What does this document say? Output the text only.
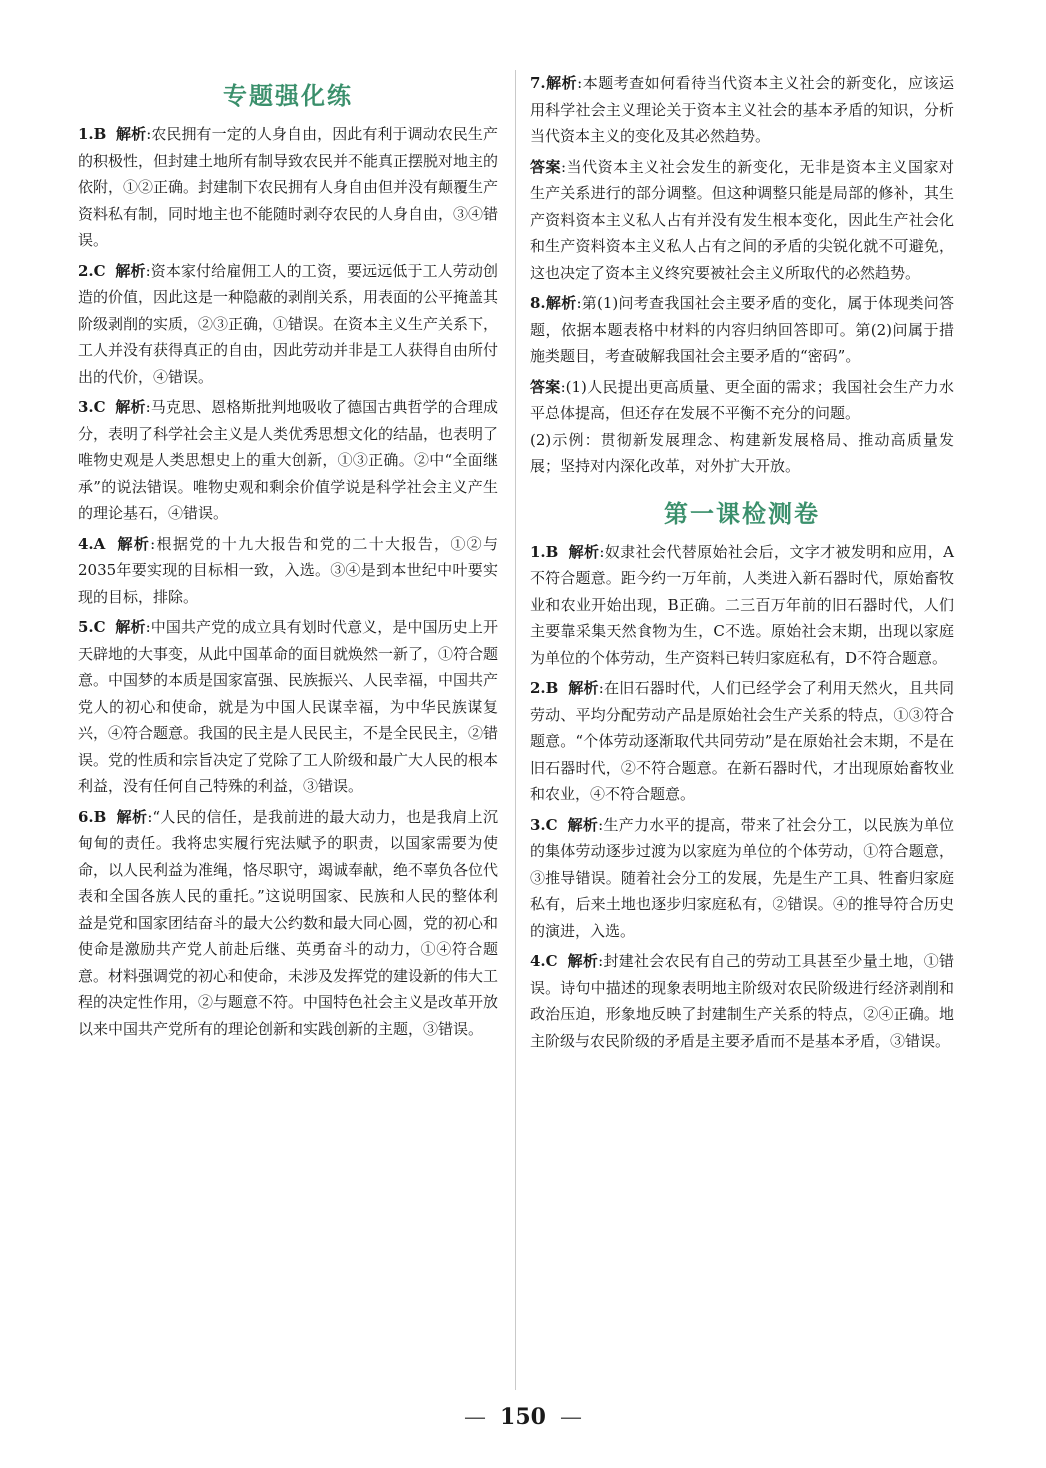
专题强化练
1.B 解析:农民拥有一定的人身自由，因此有利于调动农民生产的积极性，但封建土地所有制导致农民并不能真正摆脱对地主的依附，①②正确。封建制下农民拥有人身自由但并没有颠覆生产资料私有制，同时地主也不能随时剥夺农民的人身自由，③④错误。
2.C 解析:资本家付给雇佣工人的工资，要远远低于工人劳动创造的价值，因此这是一种隐蔽的剥削关系，用表面的公平掩盖其阶级剥削的实质，②③正确，①错误。在资本主义生产关系下，工人并没有获得真正的自由，因此劳动并非是工人获得自由所付出的代价，④错误。
3.C 解析:马克思、恩格斯批判地吸收了德国古典哲学的合理成分，表明了科学社会主义是人类优秀思想文化的结晶，也表明了唯物史观是人类思想史上的重大创新，①③正确。②中“全面继承”的说法错误。唯物史观和剩余价值学说是科学社会主义产生的理论基石，④错误。
4.A 解析:根据党的十九大报告和党的二十大报告，①②与2035年要实现的目标相一致，入选。③④是到本世纪中叶要实现的目标，排除。
5.C 解析:中国共产党的成立具有划时代意义，是中国历史上开天辟地的大事变，从此中国革命的面目就焕然一新了，①符合题意。中国梦的本质是国家富强、民族振兴、人民幸福，中国共产党人的初心和使命，就是为中国人民谋幸福，为中华民族谋复兴，④符合题意。我国的民主是人民民主，不是全民民主，②错误。党的性质和宗旨决定了党除了工人阶级和最广大人民的根本利益，没有任何自己特殊的利益，③错误。
6.B 解析:“人民的信任，是我前进的最大动力，也是我肩上沉甸甸的责任。我将忠实履行宪法赋予的职责，以国家需要为使命，以人民利益为准绳，恪尽职守，竭诚奉献，绝不辜负各位代表和全国各族人民的重托。”这说明国家、民族和人民的整体利益是党和国家团结奋斗的最大公约数和最大同心圆，党的初心和使命是激励共产党人前赴后继、英勇奋斗的动力，①④符合题意。材料强调党的初心和使命，未涉及发挥党的建设新的伟大工程的决定性作用，②与题意不符。中国特色社会主义是改革开放以来中国共产党所有的理论创新和实践创新的主题，③错误。
7.解析:本题考查如何看待当代资本主义社会的新变化，应该运用科学社会主义理论关于资本主义社会的基本矛盾的知识，分析当代资本主义的变化及其必然趋势。
答案:当代资本主义社会发生的新变化，无非是资本主义国家对生产关系进行的部分调整。但这种调整只能是局部的修补，其生产资料资本主义私人占有并没有发生根本变化，因此生产社会化和生产资料资本主义私人占有之间的矛盾的尖锐化就不可避免，这也决定了资本主义终究要被社会主义所取代的必然趋势。
8.解析:第(1)问考查我国社会主要矛盾的变化，属于体现类问答题，依据本题表格中材料的内容归纳回答即可。第(2)问属于措施类题目，考查破解我国社会主要矛盾的“密码”。
答案:(1)人民提出更高质量、更全面的需求；我国社会生产力水平总体提高，但还存在发展不平衡不充分的问题。
(2)示例：贯彻新发展理念、构建新发展格局、推动高质量发展；坚持对内深化改革，对外扩大开放。
第一课检测卷
1.B 解析:奴隶社会代替原始社会后，文字才被发明和应用，A不符合题意。距今约一万年前，人类进入新石器时代，原始畜牧业和农业开始出现，B正确。二三百万年前的旧石器时代，人们主要靠采集天然食物为生，C不选。原始社会末期，出现以家庭为单位的个体劳动，生产资料已转归家庭私有，D不符合题意。
2.B 解析:在旧石器时代，人们已经学会了利用天然火，且共同劳动、平均分配劳动产品是原始社会生产关系的特点，①③符合题意。“个体劳动逐渐取代共同劳动”是在原始社会末期，不是在旧石器时代，②不符合题意。在新石器时代，才出现原始畜牧业和农业，④不符合题意。
3.C 解析:生产力水平的提高，带来了社会分工，以民族为单位的集体劳动逐步过渡为以家庭为单位的个体劳动，①符合题意，③推导错误。随着社会分工的发展，先是生产工具、牲畜归家庭私有，后来土地也逐步归家庭私有，②错误。④的推导符合历史的演进，入选。
4.C 解析:封建社会农民有自己的劳动工具甚至少量土地，①错误。诗句中描述的现象表明地主阶级对农民阶级进行经济剥削和政治压迫，形象地反映了封建制生产关系的特点，②④正确。地主阶级与农民阶级的矛盾是主要矛盾而不是基本矛盾，③错误。
— 150 —
